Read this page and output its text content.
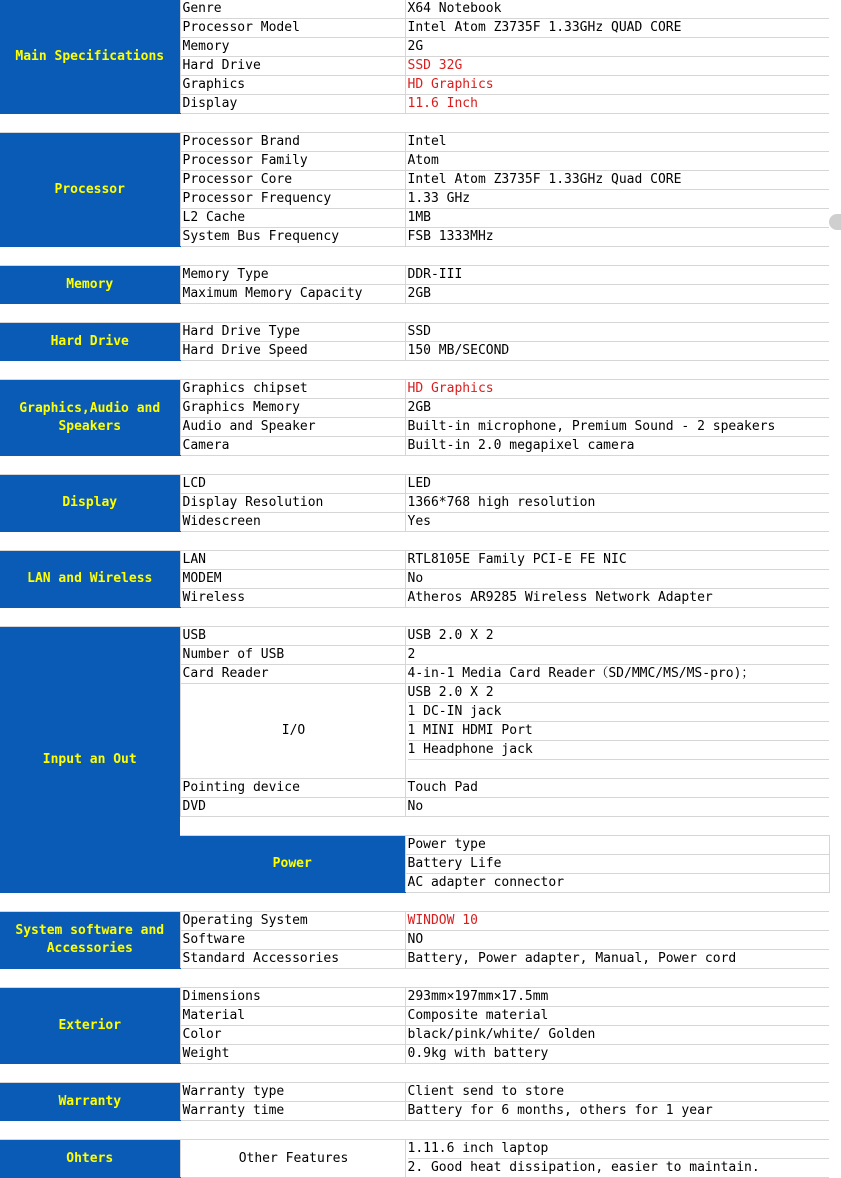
Main Specifications	Genre	X64 Notebook	
	Processor Model	Intel Atom Z3735F 1.33GHz QUAD CORE	
	Memory	2G	
	Hard Drive	SSD 32G	
	Graphics	HD Graphics	
	Display	11.6 Inch	

Processor	Processor Brand	Intel	
	Processor Family	Atom	
	Processor Core	Intel Atom Z3735F 1.33GHz Quad CORE	
	Processor Frequency	1.33 GHz	
	L2 Cache	1MB	
	System Bus Frequency	FSB 1333MHz	

Memory	Memory Type	DDR-III	
	Maximum Memory Capacity	2GB	

Hard Drive	Hard Drive Type	SSD	
	Hard Drive Speed	150 MB/SECOND	

Graphics,Audio and Speakers	Graphics chipset	HD Graphics	
	Graphics Memory	2GB	
	Audio and Speaker	Built-in microphone, Premium Sound - 2 speakers	
	Camera	Built-in 2.0 megapixel camera	

Display	LCD	LED	
	Display Resolution	1366*768 high resolution	
	Widescreen	Yes	

LAN and Wireless	LAN	RTL8105E Family PCI-E FE NIC	
	MODEM	No	
	Wireless	Atheros AR9285 Wireless Network Adapter	

Input an Out	USB	USB 2.0 X 2	
	Number of USB	2	
	Card Reader	4-in-1 Media Card Reader（SD/MMC/MS/MS-pro)；	
	I/O	USB 2.0 X 2
1 DC-IN jack
1 MINI HDMI Port
1 Headphone jack	

	Pointing device	Touch Pad	
	DVD	No	

	Power	Power type	
		Battery Life	
		AC adapter connector	

System software and Accessories	Operating System	WINDOW 10	
	Software	NO	
	Standard Accessories	Battery, Power adapter, Manual, Power cord	

Exterior	Dimensions	293mm×197mm×17.5mm	
	Material	Composite material	
	Color	black/pink/white/ Golden	
	Weight	0.9kg with battery	

Warranty	Warranty type	Client send to store	
	Warranty time	Battery for 6 months, others for 1 year	

Ohters	Other Features	1.11.6 inch laptop
2. Good heat dissipation, easier to maintain.	
